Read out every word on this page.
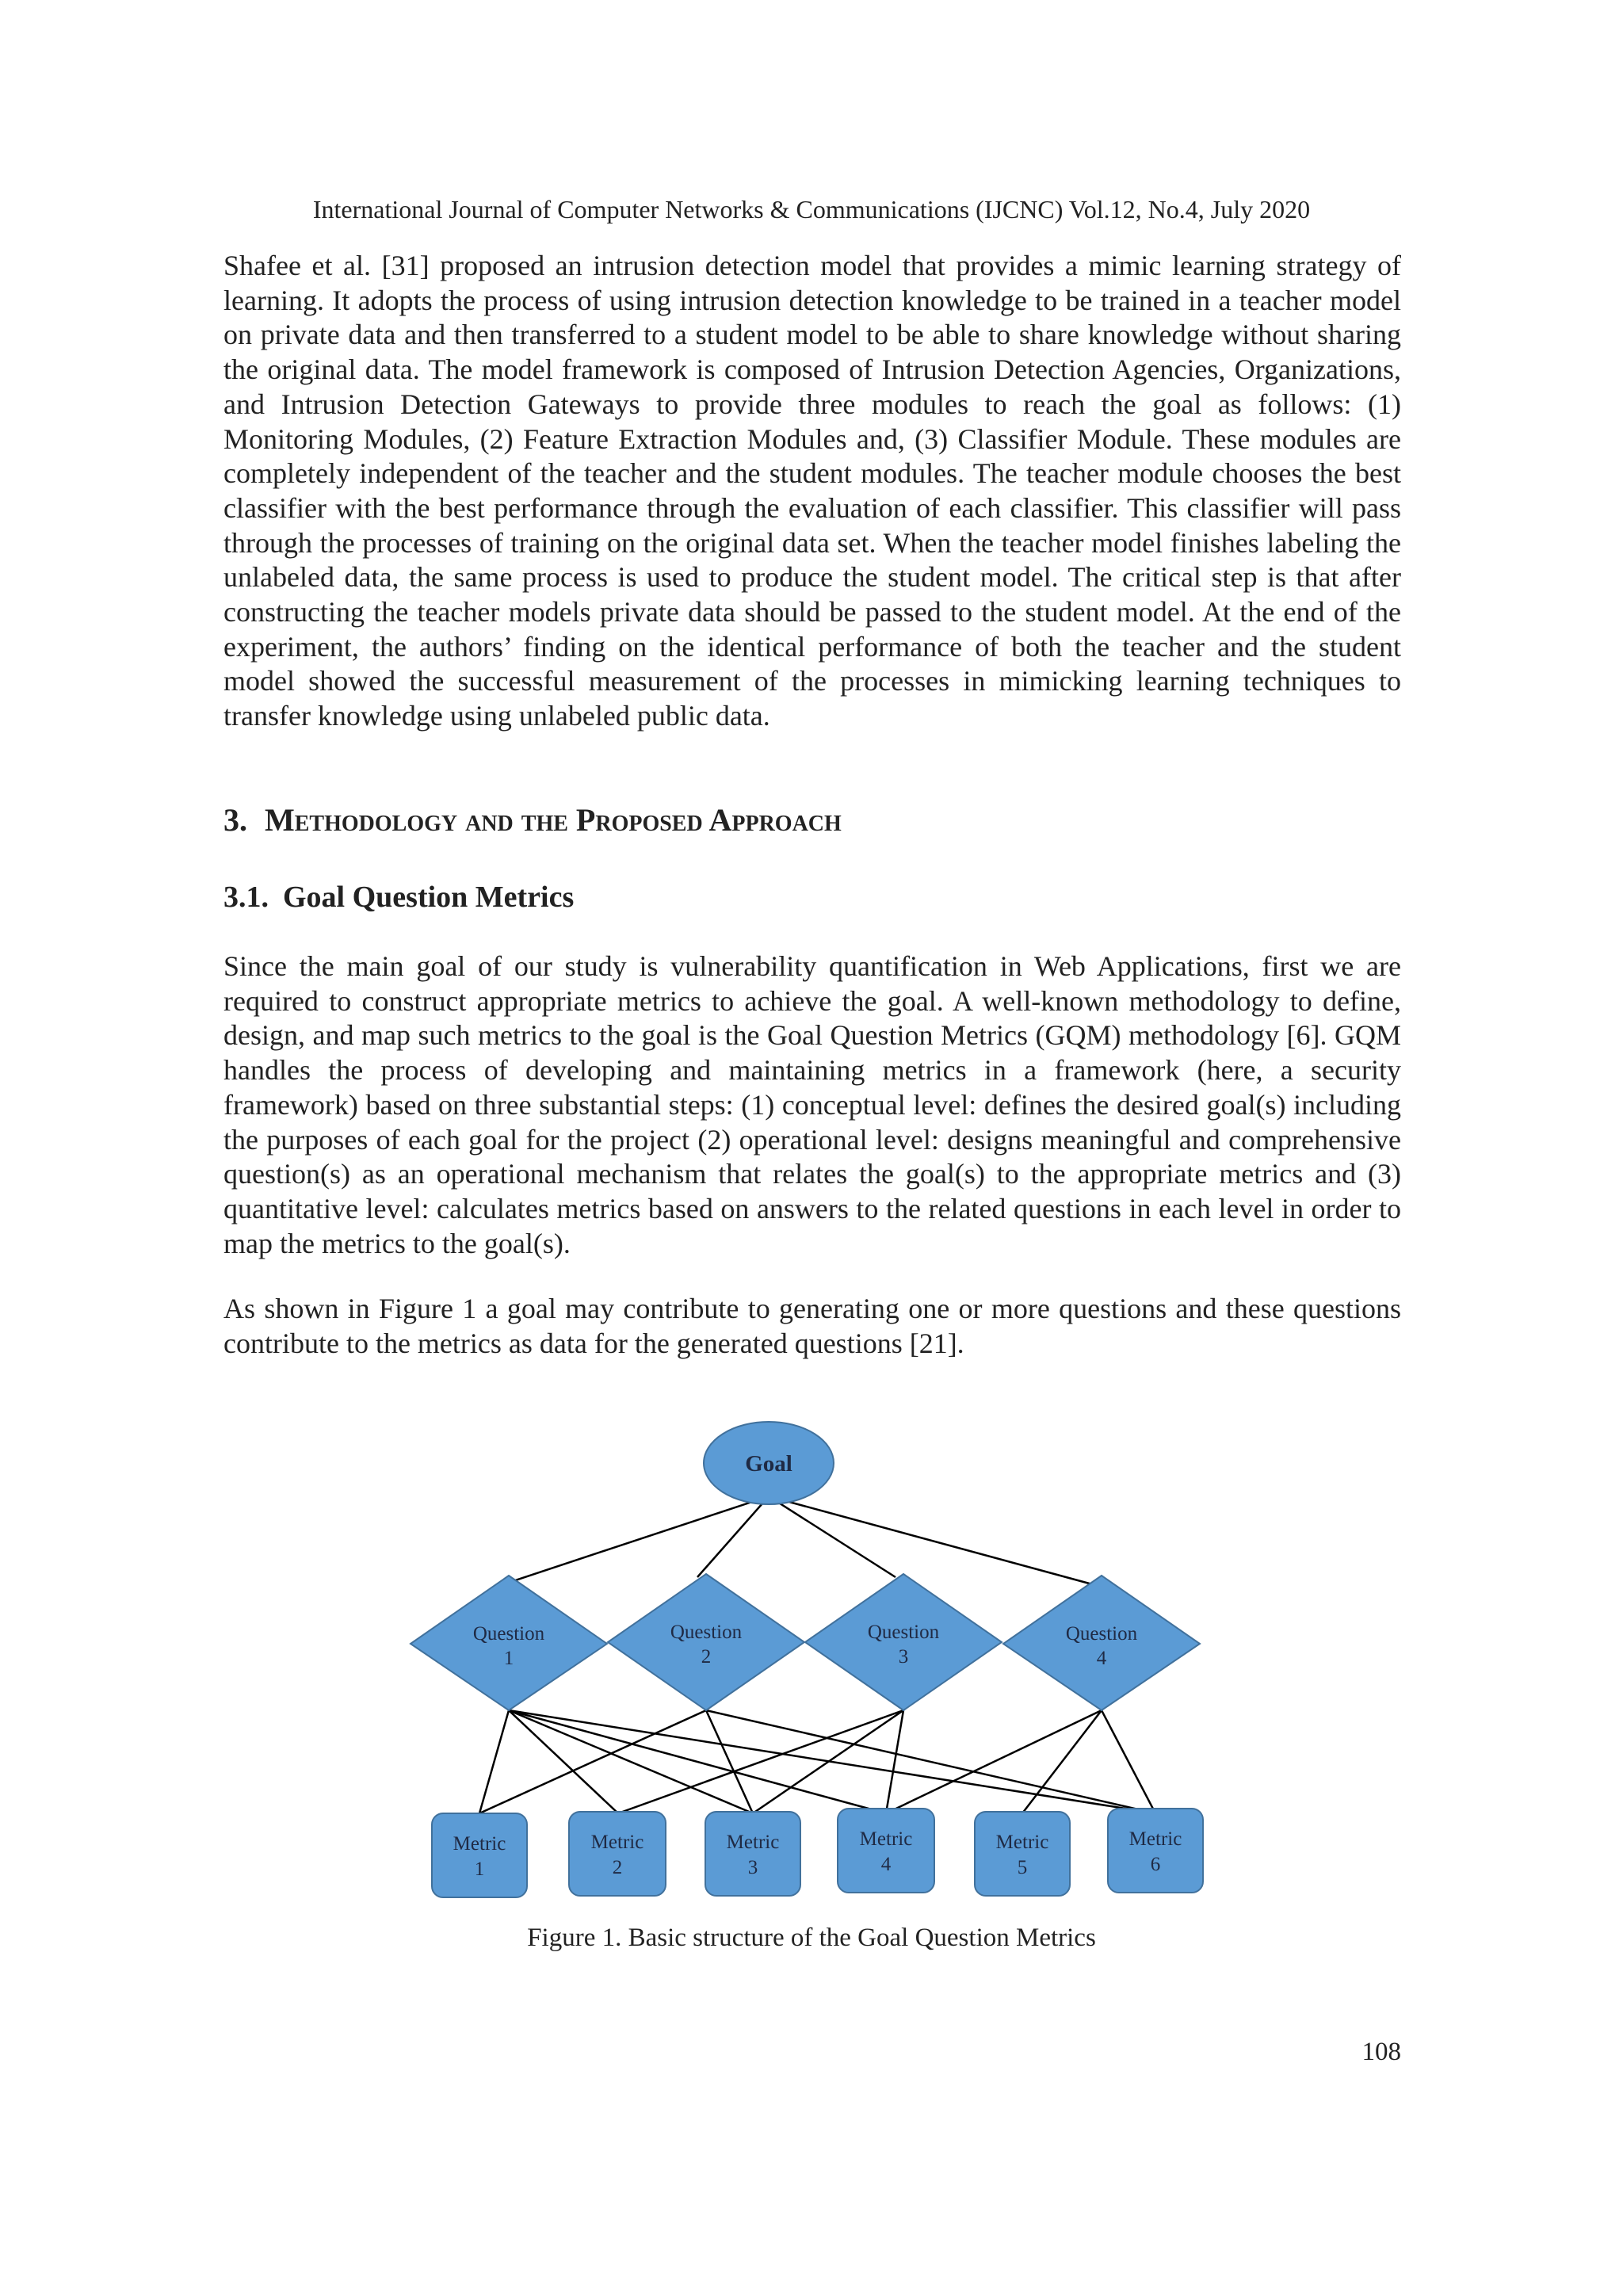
International Journal of Computer Networks & Communications (IJCNC) Vol.12, No.4, July 2020

Shafee et al. [31] proposed an intrusion detection model that provides a mimic learning strategy of learning. It adopts the process of using intrusion detection knowledge to be trained in a teacher model on private data and then transferred to a student model to be able to share knowledge without sharing the original data. The model framework is composed of Intrusion Detection Agencies, Organizations, and Intrusion Detection Gateways to provide three modules to reach the goal as follows: (1) Monitoring Modules, (2) Feature Extraction Modules and, (3) Classifier Module. These modules are completely independent of the teacher and the student modules. The teacher module chooses the best classifier with the best performance through the evaluation of each classifier. This classifier will pass through the processes of training on the original data set. When the teacher model finishes labeling the unlabeled data, the same process is used to produce the student model. The critical step is that after constructing the teacher models private data should be passed to the student model. At the end of the experiment, the authors’ finding on the identical performance of both the teacher and the student model showed the successful measurement of the processes in mimicking learning techniques to transfer knowledge using unlabeled public data.

3. Methodology and the Proposed Approach
3.1. Goal Question Metrics

Since the main goal of our study is vulnerability quantification in Web Applications, first we are required to construct appropriate metrics to achieve the goal. A well-known methodology to define, design, and map such metrics to the goal is the Goal Question Metrics (GQM) methodology [6]. GQM handles the process of developing and maintaining metrics in a framework (here, a security framework) based on three substantial steps: (1) conceptual level: defines the desired goal(s) including the purposes of each goal for the project (2) operational level: designs meaningful and comprehensive question(s) as an operational mechanism that relates the goal(s) to the appropriate metrics and (3) quantitative level: calculates metrics based on answers to the related questions in each level in order to map the metrics to the goal(s).

As shown in Figure 1 a goal may contribute to generating one or more questions and these questions contribute to the metrics as data for the generated questions [21].

Goal
Question
1
Question
2
Question
3
Question
4
Metric
1
Metric
2
Metric
3
Metric
4
Metric
5
Metric
6
Figure 1. Basic structure of the Goal Question Metrics
108
